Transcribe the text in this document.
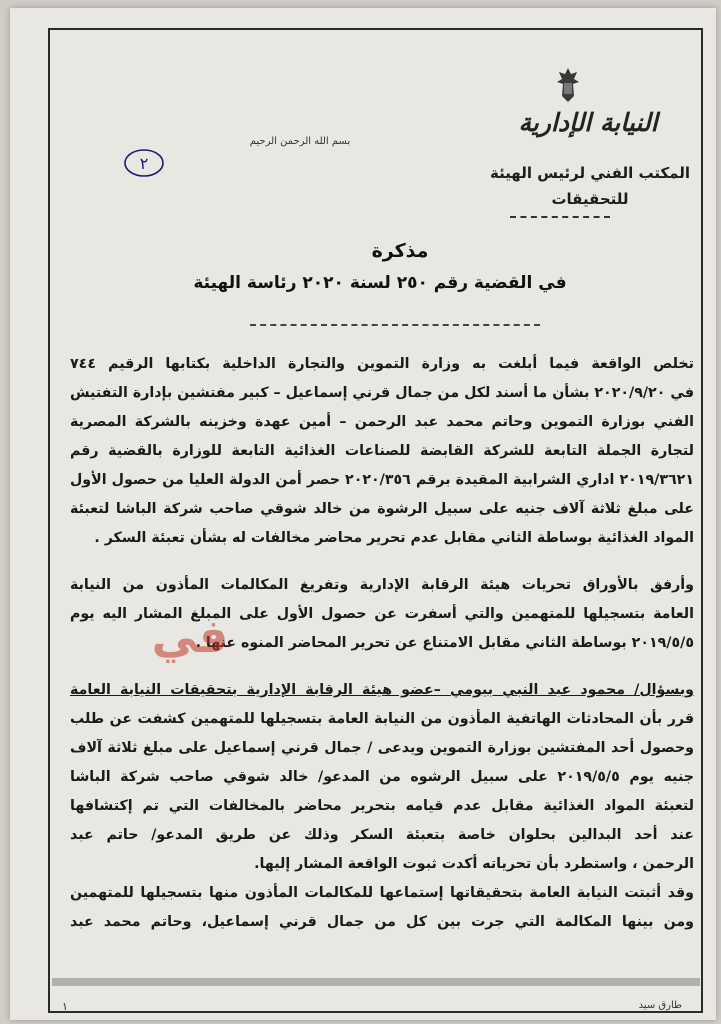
النيابة الإدارية
المكتب الفني لرئيس الهيئة
للتحقيقات
بسم الله الرحمن الرحيم
٢
مذكرة
في القضية رقم ٢٥٠ لسنة ٢٠٢٠ رئاسة الهيئة
تخلص الواقعة فيما أبلغت به وزارة التموين والتجارة الداخلية بكتابها الرقيم ٧٤٤
في ٢٠٢٠/٩/٢٠ بشأن ما أسند لكل من جمال قرني إسماعيل – كبير مفتشين بإدارة التفتيش
الفني بوزارة التموين وحاتم محمد عبد الرحمن – أمين عهدة وخزينه بالشركة المصرية
لتجارة الجملة التابعة للشركة القابضة للصناعات الغذائية التابعة للوزارة بالقضية رقم
٢٠١٩/٣٦٢١ اداري الشرابية المقيدة برقم ٢٠٢٠/٣٥٦ حصر أمن الدولة العليا من حصول الأول
على مبلغ ثلاثة آلاف جنيه على سبيل الرشوة من خالد شوقي صاحب شركة الباشا لتعبئة
المواد الغذائية بوساطة الثاني مقابل عدم تحرير محاضر مخالفات له بشأن تعبئة السكر .
وأرفق بالأوراق تحريات هيئة الرقابة الإدارية وتفريغ المكالمات المأذون من النيابة
العامة بتسجيلها للمتهمين والتي أسفرت عن حصول الأول على المبلغ المشار اليه يوم
٢٠١٩/٥/٥ بوساطة الثاني مقابل الامتناع عن تحرير المحاضر المنوه عنها .
وبسؤال/ محمود عبد النبي بيومي –عضو هيئة الرقابة الإدارية بتحقيقات النيابة العامة
قرر بأن المحادثات الهاتفية المأذون من النيابة العامة بتسجيلها للمتهمين كشفت عن طلب
وحصول أحد المفتشين بوزارة التموين ويدعى / جمال قرني إسماعيل على مبلغ ثلاثة آلاف
جنيه يوم ٢٠١٩/٥/٥ على سبيل الرشوه من المدعو/ خالد شوقي صاحب شركة الباشا
لتعبئة المواد الغذائية مقابل عدم قيامه بتحرير محاضر بالمخالفات التي تم إكتشافها
عند أحد البدالين بحلوان خاصة بتعبئة السكر وذلك عن طريق المدعو/ حاتم عبد
الرحمن ، واستطرد بأن تحرياته أكدت ثبوت الواقعة المشار إليها.
وقد أثبتت النيابة العامة بتحقيقاتها إستماعها للمكالمات المأذون منها بتسجيلها للمتهمين
ومن بينها المكالمة التي جرت بين كل من جمال قرني إسماعيل، وحاتم محمد عبد
في
١	طارق سيد
